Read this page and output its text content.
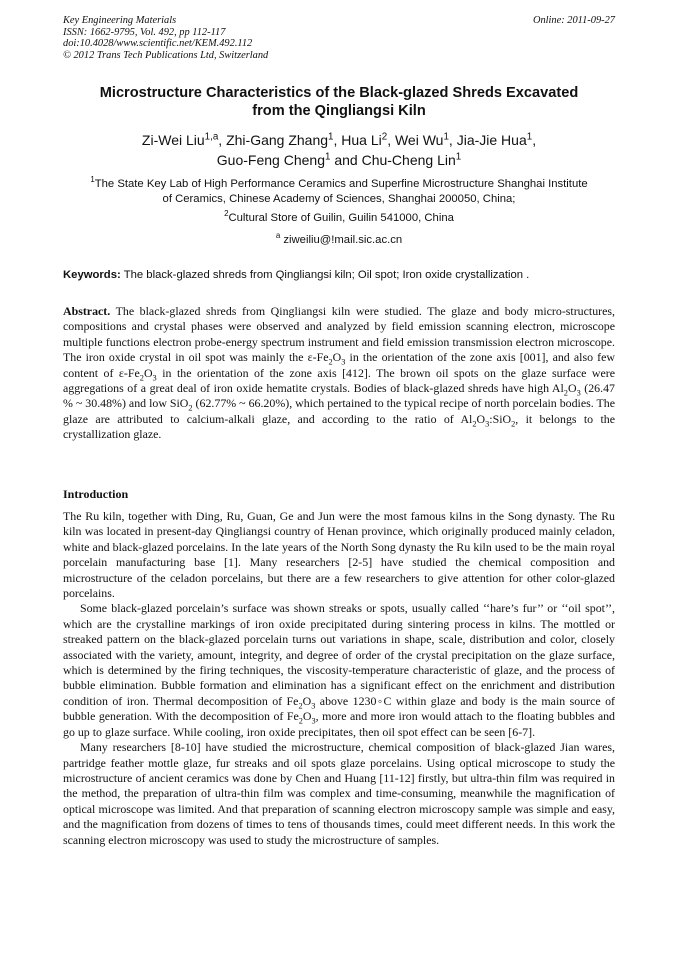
Key Engineering Materials
ISSN: 1662-9795, Vol. 492, pp 112-117
doi:10.4028/www.scientific.net/KEM.492.112
© 2012 Trans Tech Publications Ltd, Switzerland
Online: 2011-09-27
Microstructure Characteristics of the Black-glazed Shreds Excavated
from the Qingliangsi Kiln
Zi-Wei Liu$^{1,a}$, Zhi-Gang Zhang$^1$, Hua Li$^2$, Wei Wu$^1$, Jia-Jie Hua$^1$,
Guo-Feng Cheng$^1$ and Chu-Cheng Lin$^1$
$^1$The State Key Lab of High Performance Ceramics and Superfine Microstructure Shanghai Institute
of Ceramics, Chinese Academy of Sciences, Shanghai 200050, China;
$^2$Cultural Store of Guilin, Guilin 541000, China
$^a$ ziweiliu@!mail.sic.ac.cn
Keywords: The black-glazed shreds from Qingliangsi kiln; Oil spot; Iron oxide crystallization .
Abstract. The black-glazed shreds from Qingliangsi kiln were studied. The glaze and body micro-structures, compositions and crystal phases were observed and analyzed by field emission scanning electron, microscope multiple functions electron probe-energy spectrum instrument and field emission transmission electron microscope. The iron oxide crystal in oil spot was mainly the $\varepsilon-Fe_2O_3$ in the orientation of the zone axis [001], and also few content of $\varepsilon-Fe_2O_3$ in the orientation of the zone axis [412]. The brown oil spots on the glaze surface were aggregations of a great deal of iron oxide hematite crystals. Bodies of black-glazed shreds have high $Al_2O_3$ (26.47 % ~ 30.48%) and low SiO$_2$ (62.77% ~ 66.20%), which pertained to the typical recipe of north porcelain bodies. The glaze are attributed to calcium-alkali glaze, and according to the ratio of $Al_2O_3:SiO_2$, it belongs to the crystallization glaze.
Introduction

The Ru kiln, together with Ding, Ru, Guan, Ge and Jun were the most famous kilns in the Song dynasty. The Ru kiln was located in present-day Qingliangsi country of Henan province, which originally produced mainly celadon, white and black-glazed porcelains. In the late years of the North Song dynasty the Ru kiln used to be the main royal porcelain manufacturing base [1]. Many researchers [2-5] have studied the chemical composition and microstructure of the celadon porcelains, but there are a few researchers to give attention for other color-glazed porcelains.

Some black-glazed porcelain’s surface was shown streaks or spots, usually called ‘‘hare’s fur’’ or ‘‘oil spot’’, which are the crystalline markings of iron oxide precipitated during sintering process in kilns. The mottled or streaked pattern on the black-glazed porcelain turns out variations in shape, scale, distribution and color, closely associated with the variety, amount, integrity, and degree of order of the crystal precipitation on the glaze surface, which is determined by the firing techniques, the viscosity-temperature characteristic of glaze, and the process of bubble elimination. Bubble formation and elimination has a significant effect on the enrichment and distribution condition of iron. Thermal decomposition of $Fe_2O_3$ above 1230◦C within glaze and body is the main source of bubble generation. With the decomposition of $Fe_2O_3$, more and more iron would attach to the floating bubbles and go up to glaze surface. While cooling, iron oxide precipitates, then oil spot effect can be seen [6-7].

Many researchers [8-10] have studied the microstructure, chemical composition of black-glazed Jian wares, partridge feather mottle glaze, fur streaks and oil spots glaze porcelains. Using optical microscope to study the microstructure of ancient ceramics was done by Chen and Huang [11-12] firstly, but ultra-thin film was required in the method, the preparation of ultra-thin film was complex and time-consuming, meanwhile the magnification of optical microscope was limited. And that preparation of scanning electron microscopy sample was simple and easy, and the magnification from dozens of times to tens of thousands times, could meet different needs. In this work the scanning electron microscopy was used to study the microstructure of samples.
